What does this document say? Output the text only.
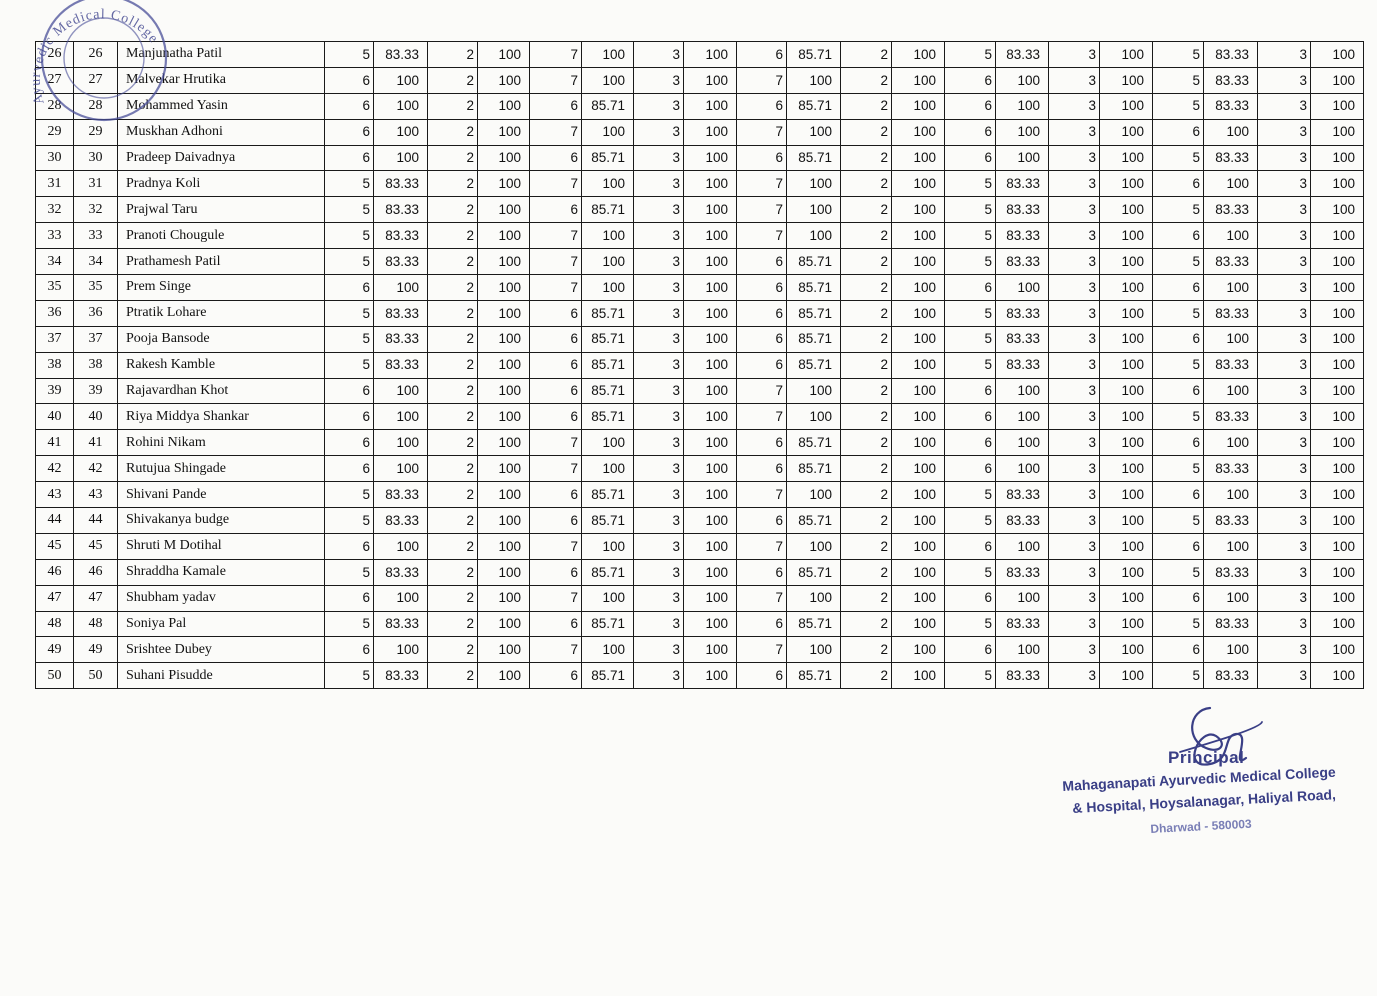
26	26	Manjunatha Patil	5	83.33	2	100	7	100	3	100	6	85.71	2	100	5	83.33	3	100	5	83.33	3	100
27	27	Malvekar Hrutika	6	100	2	100	7	100	3	100	7	100	2	100	6	100	3	100	5	83.33	3	100
28	28	Mohammed Yasin	6	100	2	100	6	85.71	3	100	6	85.71	2	100	6	100	3	100	5	83.33	3	100
29	29	Muskhan Adhoni	6	100	2	100	7	100	3	100	7	100	2	100	6	100	3	100	6	100	3	100
30	30	Pradeep Daivadnya	6	100	2	100	6	85.71	3	100	6	85.71	2	100	6	100	3	100	5	83.33	3	100
31	31	Pradnya Koli	5	83.33	2	100	7	100	3	100	7	100	2	100	5	83.33	3	100	6	100	3	100
32	32	Prajwal Taru	5	83.33	2	100	6	85.71	3	100	7	100	2	100	5	83.33	3	100	5	83.33	3	100
33	33	Pranoti Chougule	5	83.33	2	100	7	100	3	100	7	100	2	100	5	83.33	3	100	6	100	3	100
34	34	Prathamesh Patil	5	83.33	2	100	7	100	3	100	6	85.71	2	100	5	83.33	3	100	5	83.33	3	100
35	35	Prem Singe	6	100	2	100	7	100	3	100	6	85.71	2	100	6	100	3	100	6	100	3	100
36	36	Ptratik Lohare	5	83.33	2	100	6	85.71	3	100	6	85.71	2	100	5	83.33	3	100	5	83.33	3	100
37	37	Pooja Bansode	5	83.33	2	100	6	85.71	3	100	6	85.71	2	100	5	83.33	3	100	6	100	3	100
38	38	Rakesh Kamble	5	83.33	2	100	6	85.71	3	100	6	85.71	2	100	5	83.33	3	100	5	83.33	3	100
39	39	Rajavardhan Khot	6	100	2	100	6	85.71	3	100	7	100	2	100	6	100	3	100	6	100	3	100
40	40	Riya Middya Shankar	6	100	2	100	6	85.71	3	100	7	100	2	100	6	100	3	100	5	83.33	3	100
41	41	Rohini Nikam	6	100	2	100	7	100	3	100	6	85.71	2	100	6	100	3	100	6	100	3	100
42	42	Rutujua Shingade	6	100	2	100	7	100	3	100	6	85.71	2	100	6	100	3	100	5	83.33	3	100
43	43	Shivani Pande	5	83.33	2	100	6	85.71	3	100	7	100	2	100	5	83.33	3	100	6	100	3	100
44	44	Shivakanya budge	5	83.33	2	100	6	85.71	3	100	6	85.71	2	100	5	83.33	3	100	5	83.33	3	100
45	45	Shruti M Dotihal	6	100	2	100	7	100	3	100	7	100	2	100	6	100	3	100	6	100	3	100
46	46	Shraddha Kamale	5	83.33	2	100	6	85.71	3	100	6	85.71	2	100	5	83.33	3	100	5	83.33	3	100
47	47	Shubham yadav	6	100	2	100	7	100	3	100	7	100	2	100	6	100	3	100	6	100	3	100
48	48	Soniya Pal	5	83.33	2	100	6	85.71	3	100	6	85.71	2	100	5	83.33	3	100	5	83.33	3	100
49	49	Srishtee Dubey	6	100	2	100	7	100	3	100	7	100	2	100	6	100	3	100	6	100	3	100
50	50	Suhani Pisudde	5	83.33	2	100	6	85.71	3	100	6	85.71	2	100	5	83.33	3	100	5	83.33	3	100
Ayurvedic Medical College
Principal
Mahaganapati Ayurvedic Medical College
& Hospital, Hoysalanagar, Haliyal Road,
Dharwad - 580003
